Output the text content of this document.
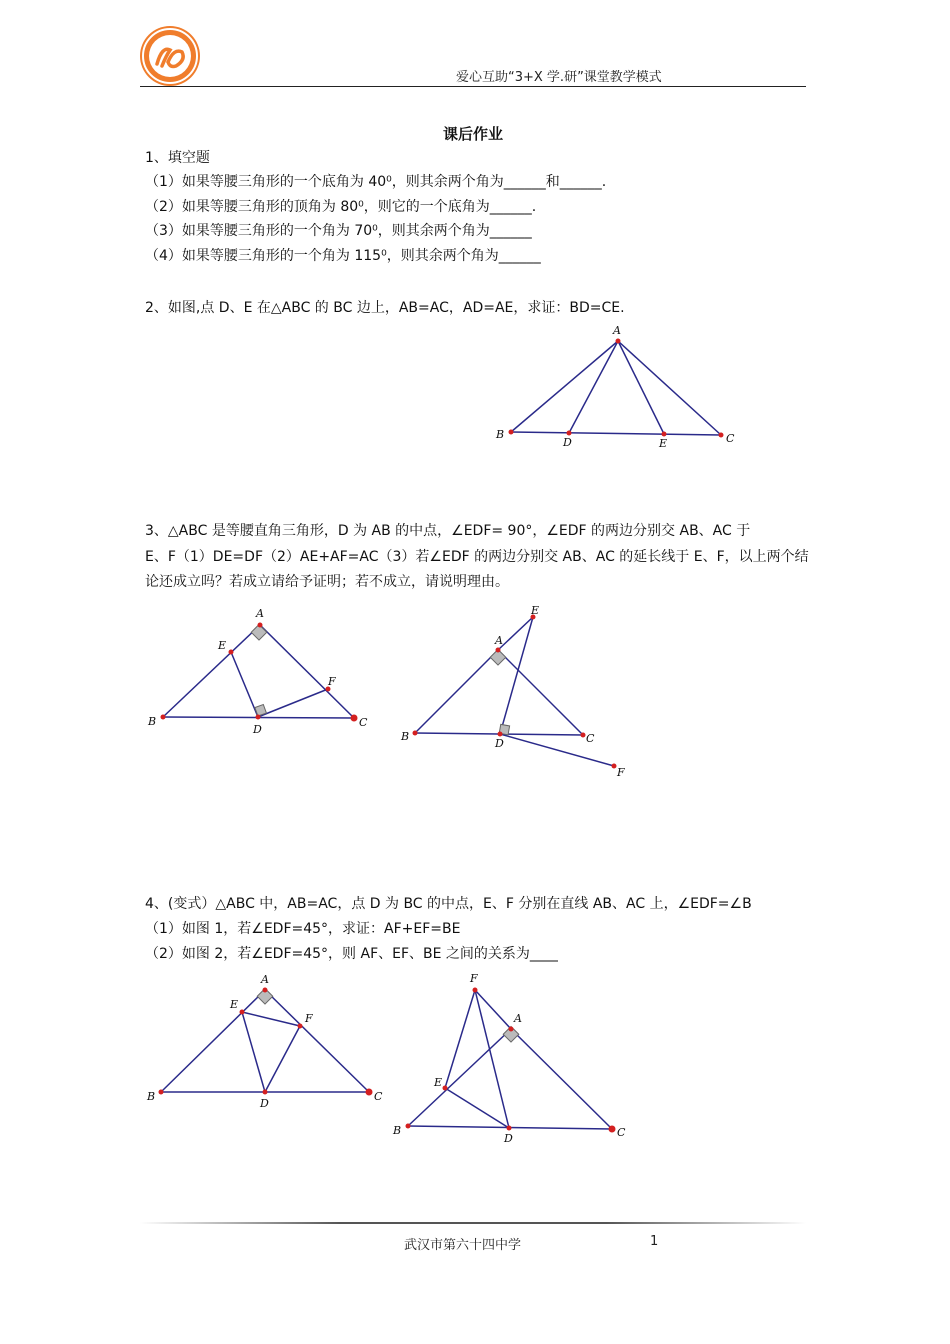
爱心互助“3+X 学.研”课堂教学模式
课后作业
1、填空题
（1）如果等腰三角形的一个底角为 40⁰，则其余两个角为______和______.
（2）如果等腰三角形的顶角为 80⁰，则它的一个底角为______.
（3）如果等腰三角形的一个角为 70⁰，则其余两个角为______
（4）如果等腰三角形的一个角为 115⁰，则其余两个角为______
2、如图,点 D、E 在△ABC 的 BC 边上，AB=AC，AD=AE，求证：BD=CE.
A
B	C
D	E
3、△ABC 是等腰直角三角形，D 为 AB 的中点，∠EDF= 90°，∠EDF 的两边分别交 AB、AC 于
E、F（1）DE=DF（2）AE+AF=AC（3）若∠EDF 的两边分别交 AB、AC 的延长线于 E、F，以上两个结
论还成立吗？若成立请给予证明；若不成立，请说明理由。
A
B	C
D
E
F
A
B	C
D
E
F
4、(变式）△ABC 中，AB=AC，点 D 为 BC 的中点，E、F 分别在直线 AB、AC 上，∠EDF=∠B
（1）如图 1，若∠EDF=45°，求证：AF+EF=BE
（2）如图 2，若∠EDF=45°，则 AF、EF、BE 之间的关系为____
A
B	C
D
E
F	A
B	C
D
E
F
武汉市第六十四中学	1
